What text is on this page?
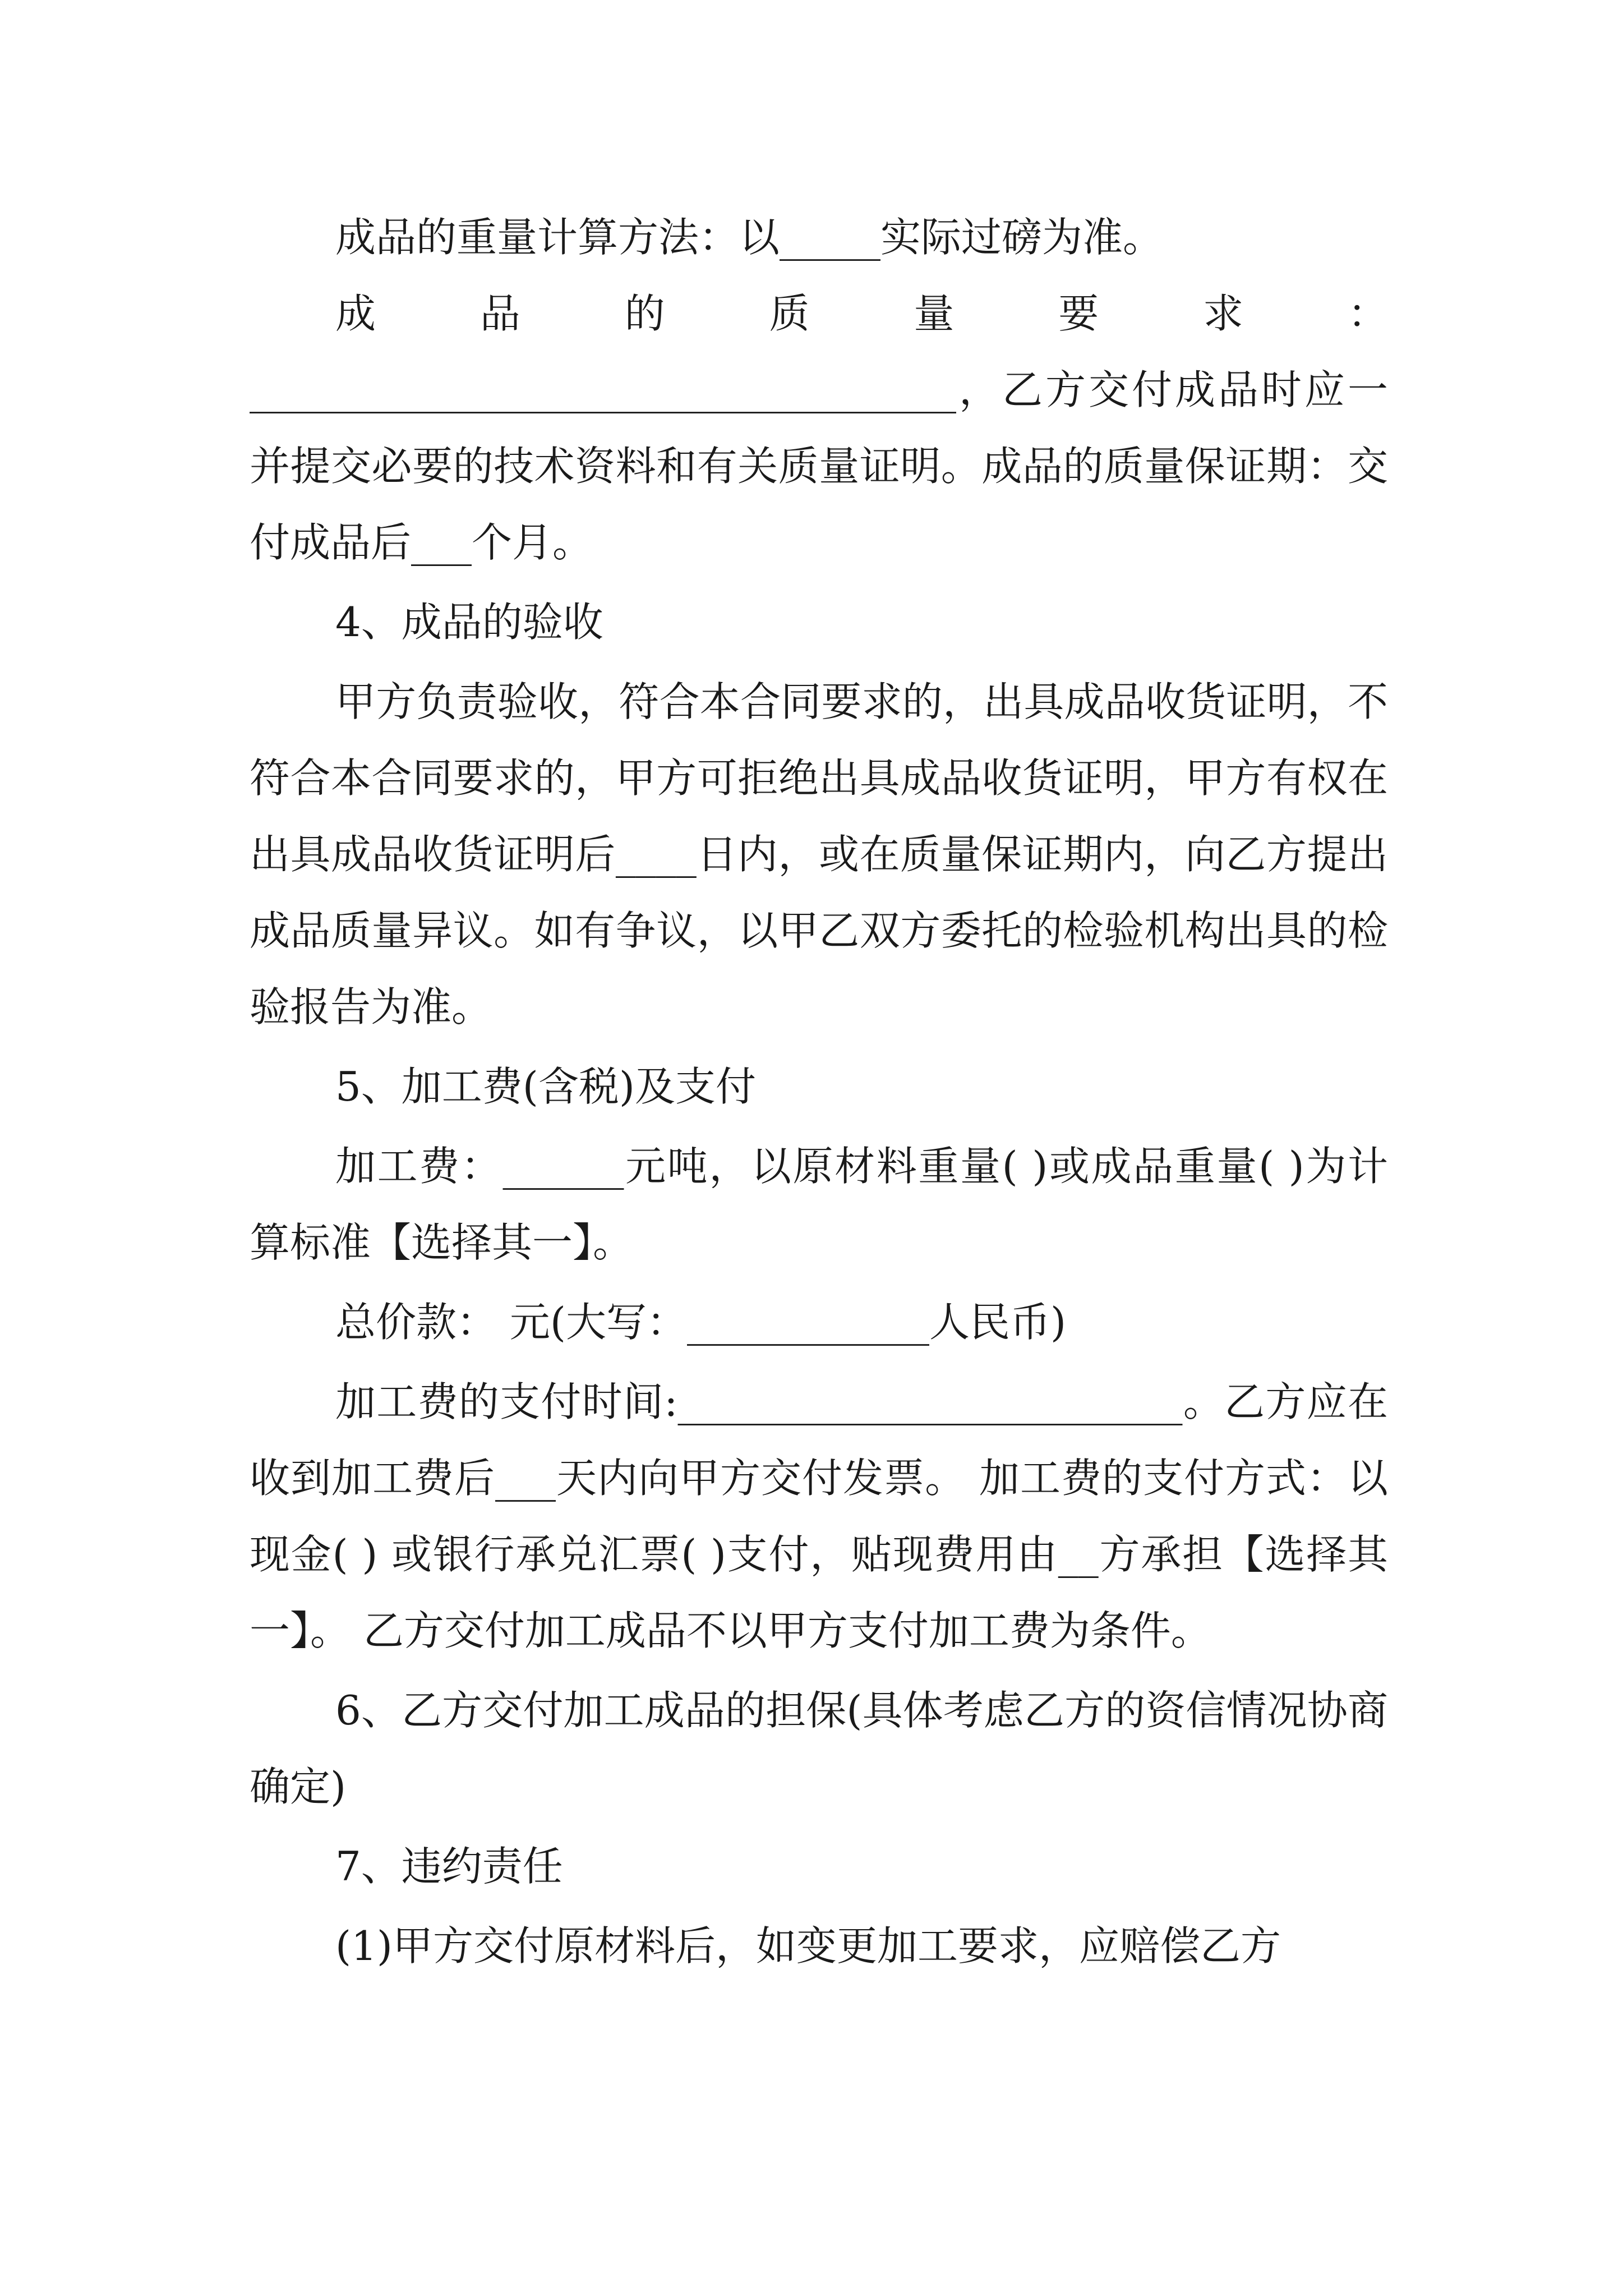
成品的重量计算方法：以_____实际过磅为准。

成　品　的　质　量　要　求　：

___________________________________，乙方交付成品时应一并提交必要的技术资料和有关质量证明。成品的质量保证期：交付成品后___个月。

4、成品的验收

甲方负责验收，符合本合同要求的，出具成品收货证明，不符合本合同要求的，甲方可拒绝出具成品收货证明，甲方有权在出具成品收货证明后____日内，或在质量保证期内，向乙方提出成品质量异议。如有争议，以甲乙双方委托的检验机构出具的检验报告为准。

5、加工费(含税)及支付

加工费：______元吨，以原材料重量( )或成品重量( )为计算标准【选择其一】。

总价款： 元(大写：____________人民币)

加工费的支付时间:_________________________。乙方应在收到加工费后___天内向甲方交付发票。 加工费的支付方式：以现金( ) 或银行承兑汇票( )支付，贴现费用由__方承担【选择其一】。 乙方交付加工成品不以甲方支付加工费为条件。

6、乙方交付加工成品的担保(具体考虑乙方的资信情况协商确定)

7、违约责任

(1)甲方交付原材料后，如变更加工要求，应赔偿乙方
